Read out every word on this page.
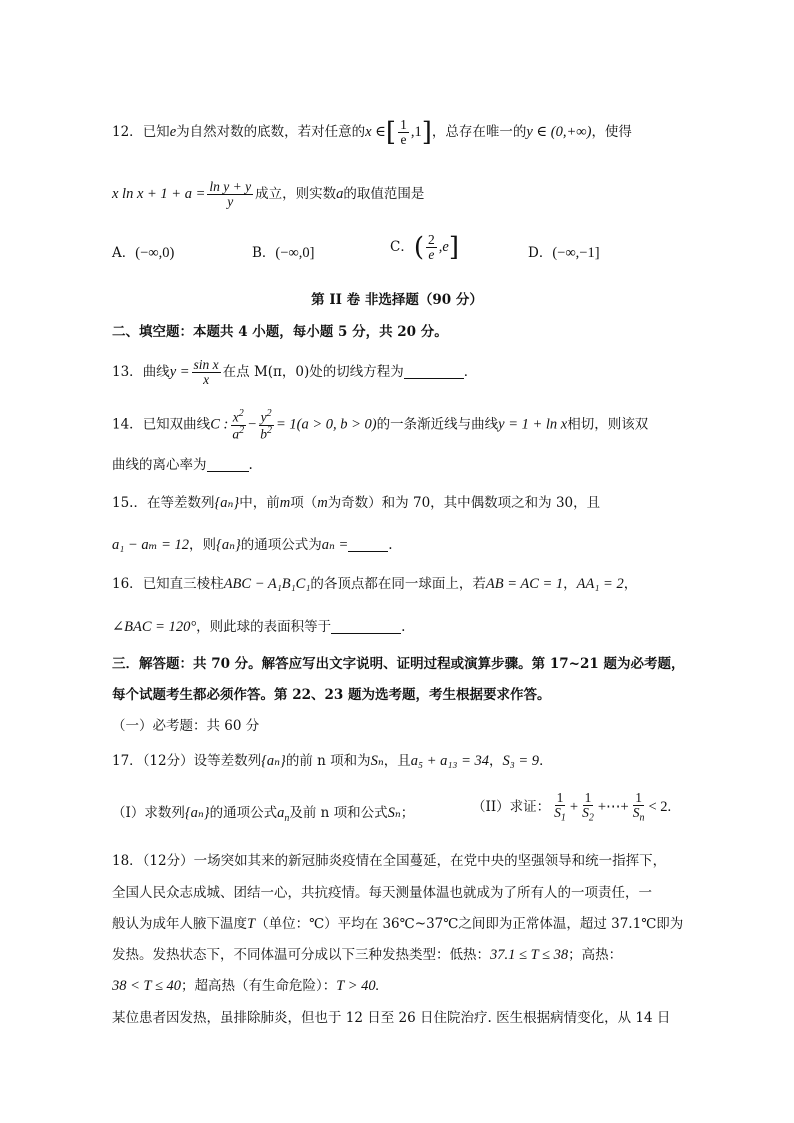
12．已知e为自然对数的底数，若对任意的x ∈[ $\frac{1}{e} ,1$]，总存在唯一的y ∈ (0,+∞)，使得
x $\ln x + 1 + a = \frac{\text{ln y + y}}{y}$ 成立，则实数a的取值范围是
A．(−∞,0)	B．(−∞,0]	C．( $\frac{2}{e} ,e$]	D．(−∞,−1]
第 II 卷 非选择题（90 分）
二、填空题：本题共 4 小题，每小题 5 分，共 20 分。
13．曲线$y = \frac{\text{sin x}}{x}$ 在点 M(π，0)处的切线方程为	．
14．已知双曲线C : $\frac{x^2}{a^2} - \frac{y^2}{b^2} = 1(a > 0$, b > 0)的一条渐近线与曲线y = 1 + ln x相切，则该双
曲线的离心率为	.
15.．在等差数列{aₙ}中，前m项（m为奇数）和为 70，其中偶数项之和为 30，且
a₁ − aₘ = 12，则{aₙ}的通项公式为aₙ =	.
16．已知直三棱柱ABC − A₁B₁C₁的各顶点都在同一球面上，若AB = AC = 1，AA₁ = 2，
∠BAC = 120°，则此球的表面积等于	.
三．解答题：共 70 分。解答应写出文字说明、证明过程或演算步骤。第 17~21 题为必考题，
每个试题考生都必须作答。第 22、23 题为选考题，考生根据要求作答。
（一）必考题：共 60 分
17．（12分）设等差数列{aₙ}的前 n 项和为Sₙ，且a₅ + a₁₃ = 34，S₃ = 9．
（I）求数列{aₙ}的通项公式$a_n$及前 n 项和公式Sₙ；	（II）求证： $\frac{1}{S_1} + \frac{1}{S_2}$ +⋯+ $\frac{1}{S_n} < 2$.
18．（12分）一场突如其来的新冠肺炎疫情在全国蔓延，在党中央的坚强领导和统一指挥下，
全国人民众志成城、团结一心，共抗疫情。每天测量体温也就成为了所有人的一项责任，一
般认为成年人腋下温度T（单位：℃）平均在 36℃~37℃之间即为正常体温，超过 37.1℃即为
发热。发热状态下，不同体温可分成以下三种发热类型：低热：37.1 ≤ T ≤ 38；高热：
38 < T ≤ 40；超高热（有生命危险）：T > 40.
某位患者因发热，虽排除肺炎，但也于 12 日至 26 日住院治疗. 医生根据病情变化，从 14 日
